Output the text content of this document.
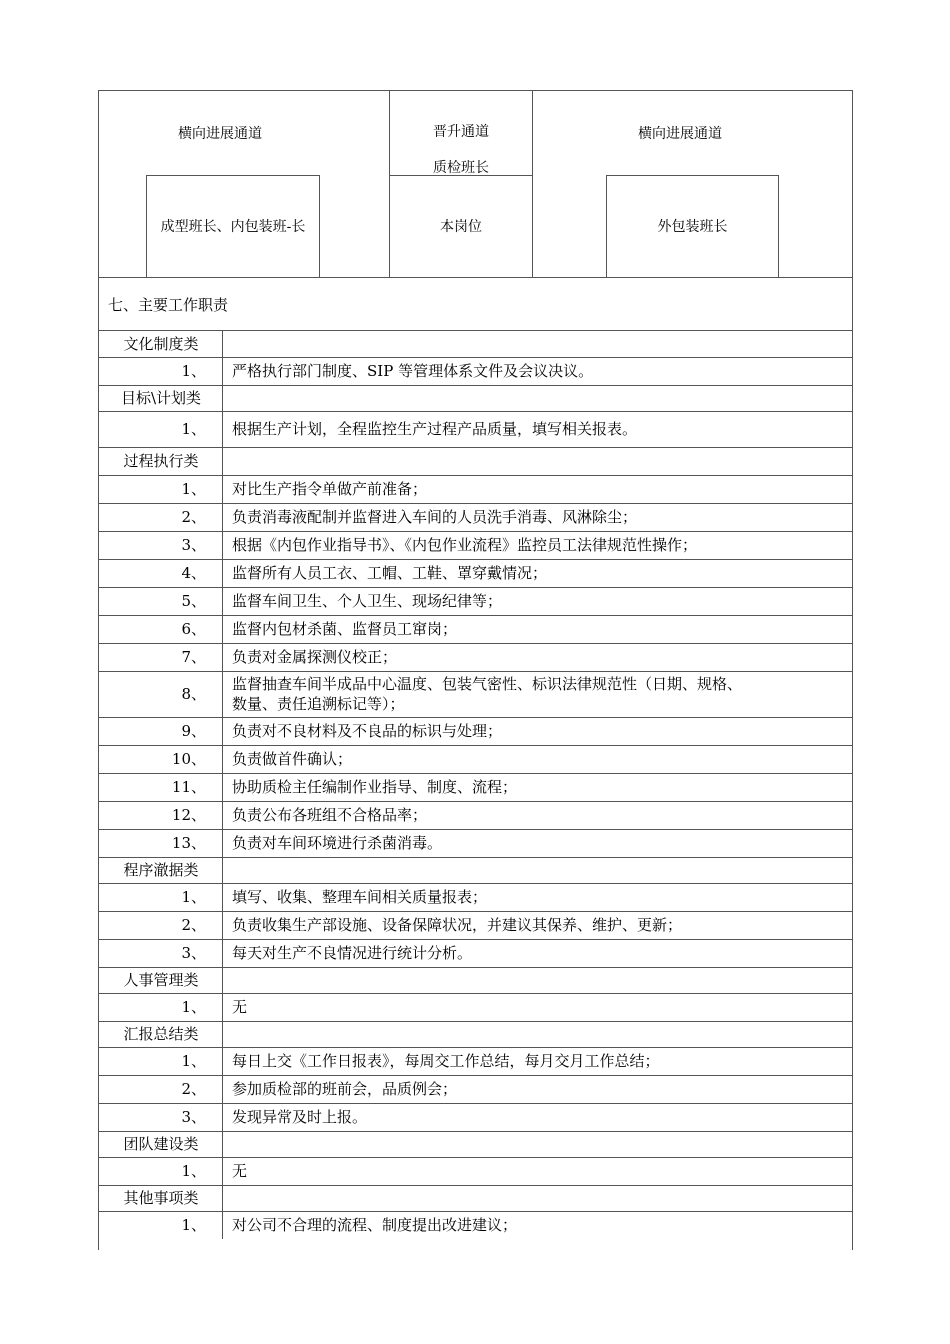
横向进展通道	晋升通道
质检班长
横向进展通道
成型班长、内包装班-长	本岗位	外包装班长
七、主要工作职责
文化制度类
1、 严格执行部门制度、SIP 等管理体系文件及会议决议。
目标\计划类
1、 根据生产计划，全程监控生产过程产品质量，填写相关报表。
过程执行类
1、 对比生产指令单做产前准备；
2、 负责消毒液配制并监督进入车间的人员洗手消毒、风淋除尘；
3、 根据《内包作业指导书》、《内包作业流程》监控员工法律规范性操作；
4、 监督所有人员工衣、工帽、工鞋、罩穿戴情况；
5、 监督车间卫生、个人卫生、现场纪律等；
6、 监督内包材杀菌、监督员工窜岗；
7、 负责对金属探测仪校正；
8、
监督抽查车间半成品中心温度、包装气密性、标识法律规范性（日期、规格、
数量、责任追溯标记等）；
9、 负责对不良材料及不良品的标识与处理；
10、 负责做首件确认；
11、 协助质检主任编制作业指导、制度、流程；
12、 负责公布各班组不合格品率；
13、 负责对车间环境进行杀菌消毒。
程序澈据类
1、 填写、收集、整理车间相关质量报表；
2、 负责收集生产部设施、设备保障状况，并建议其保养、维护、更新；
3、 每天对生产不良情况进行统计分析。
人事管理类
1、 无
汇报总结类
1、 每日上交《工作日报表》，每周交工作总结，每月交月工作总结；
2、 参加质检部的班前会，品质例会；
3、 发现异常及时上报。
团队建设类
1、 无
其他事项类
1、 对公司不合理的流程、制度提出改进建议；
